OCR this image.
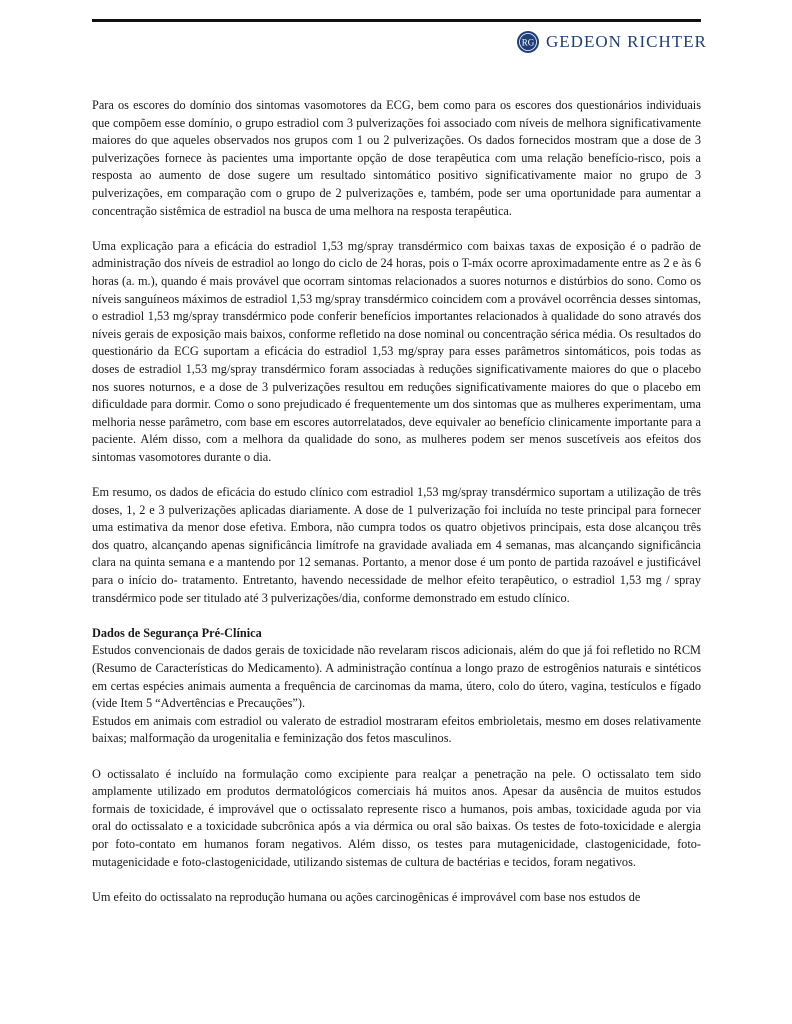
RG GEDEON RICHTER

Para os escores do domínio dos sintomas vasomotores da ECG, bem como para os escores dos questionários individuais que compõem esse domínio, o grupo estradiol com 3 pulverizações foi associado com níveis de melhora significativamente maiores do que aqueles observados nos grupos com 1 ou 2 pulverizações. Os dados fornecidos mostram que a dose de 3 pulverizações fornece às pacientes uma importante opção de dose terapêutica com uma relação benefício-risco, pois a resposta ao aumento de dose sugere um resultado sintomático positivo significativamente maior no grupo de 3 pulverizações, em comparação com o grupo de 2 pulverizações e, também, pode ser uma oportunidade para aumentar a concentração sistêmica de estradiol na busca de uma melhora na resposta terapêutica.

Uma explicação para a eficácia do estradiol 1,53 mg/spray transdérmico com baixas taxas de exposição é o padrão de administração dos níveis de estradiol ao longo do ciclo de 24 horas, pois o T-máx ocorre aproximadamente entre as 2 e às 6 horas (a. m.), quando é mais provável que ocorram sintomas relacionados a suores noturnos e distúrbios do sono. Como os níveis sanguíneos máximos de estradiol 1,53 mg/spray transdérmico coincidem com a provável ocorrência desses sintomas, o estradiol 1,53 mg/spray transdérmico pode conferir benefícios importantes relacionados à qualidade do sono através dos níveis gerais de exposição mais baixos, conforme refletido na dose nominal ou concentração sérica média. Os resultados do questionário da ECG suportam a eficácia do estradiol 1,53 mg/spray para esses parâmetros sintomáticos, pois todas as doses de estradiol 1,53 mg/spray transdérmico foram associadas à reduções significativamente maiores do que o placebo nos suores noturnos, e a dose de 3 pulverizações resultou em reduções significativamente maiores do que o placebo em dificuldade para dormir. Como o sono prejudicado é frequentemente um dos sintomas que as mulheres experimentam, uma melhoria nesse parâmetro, com base em escores autorrelatados, deve equivaler ao benefício clinicamente importante para a paciente. Além disso, com a melhora da qualidade do sono, as mulheres podem ser menos suscetíveis aos efeitos dos sintomas vasomotores durante o dia.

Em resumo, os dados de eficácia do estudo clínico com estradiol 1,53 mg/spray transdérmico suportam a utilização de três doses, 1, 2 e 3 pulverizações aplicadas diariamente. A dose de 1 pulverização foi incluída no teste principal para fornecer uma estimativa da menor dose efetiva. Embora, não cumpra todos os quatro objetivos principais, esta dose alcançou três dos quatro, alcançando apenas significância limítrofe na gravidade avaliada em 4 semanas, mas alcançando significância clara na quinta semana e a mantendo por 12 semanas. Portanto, a menor dose é um ponto de partida razoável e justificável para o início do- tratamento. Entretanto, havendo necessidade de melhor efeito terapêutico, o estradiol 1,53 mg / spray transdérmico pode ser titulado até 3 pulverizações/dia, conforme demonstrado em estudo clínico.

Dados de Segurança Pré-Clínica

Estudos convencionais de dados gerais de toxicidade não revelaram riscos adicionais, além do que já foi refletido no RCM (Resumo de Características do Medicamento). A administração contínua a longo prazo de estrogênios naturais e sintéticos em certas espécies animais aumenta a frequência de carcinomas da mama, útero, colo do útero, vagina, testículos e fígado (vide Item 5 “Advertências e Precauções”).

Estudos em animais com estradiol ou valerato de estradiol mostraram efeitos embrioletais, mesmo em doses relativamente baixas; malformação da urogenitalia e feminização dos fetos masculinos.

O octissalato é incluído na formulação como excipiente para realçar a penetração na pele. O octissalato tem sido amplamente utilizado em produtos dermatológicos comerciais há muitos anos. Apesar da ausência de muitos estudos formais de toxicidade, é improvável que o octissalato represente risco a humanos, pois ambas, toxicidade aguda por via oral do octissalato e a toxicidade subcrônica após a via dérmica ou oral são baixas. Os testes de foto-toxicidade e alergia por foto-contato em humanos foram negativos. Além disso, os testes para mutagenicidade, clastogenicidade, foto-mutagenicidade e foto-clastogenicidade, utilizando sistemas de cultura de bactérias e tecidos, foram negativos.

Um efeito do octissalato na reprodução humana ou ações carcinogênicas é improvável com base nos estudos de
